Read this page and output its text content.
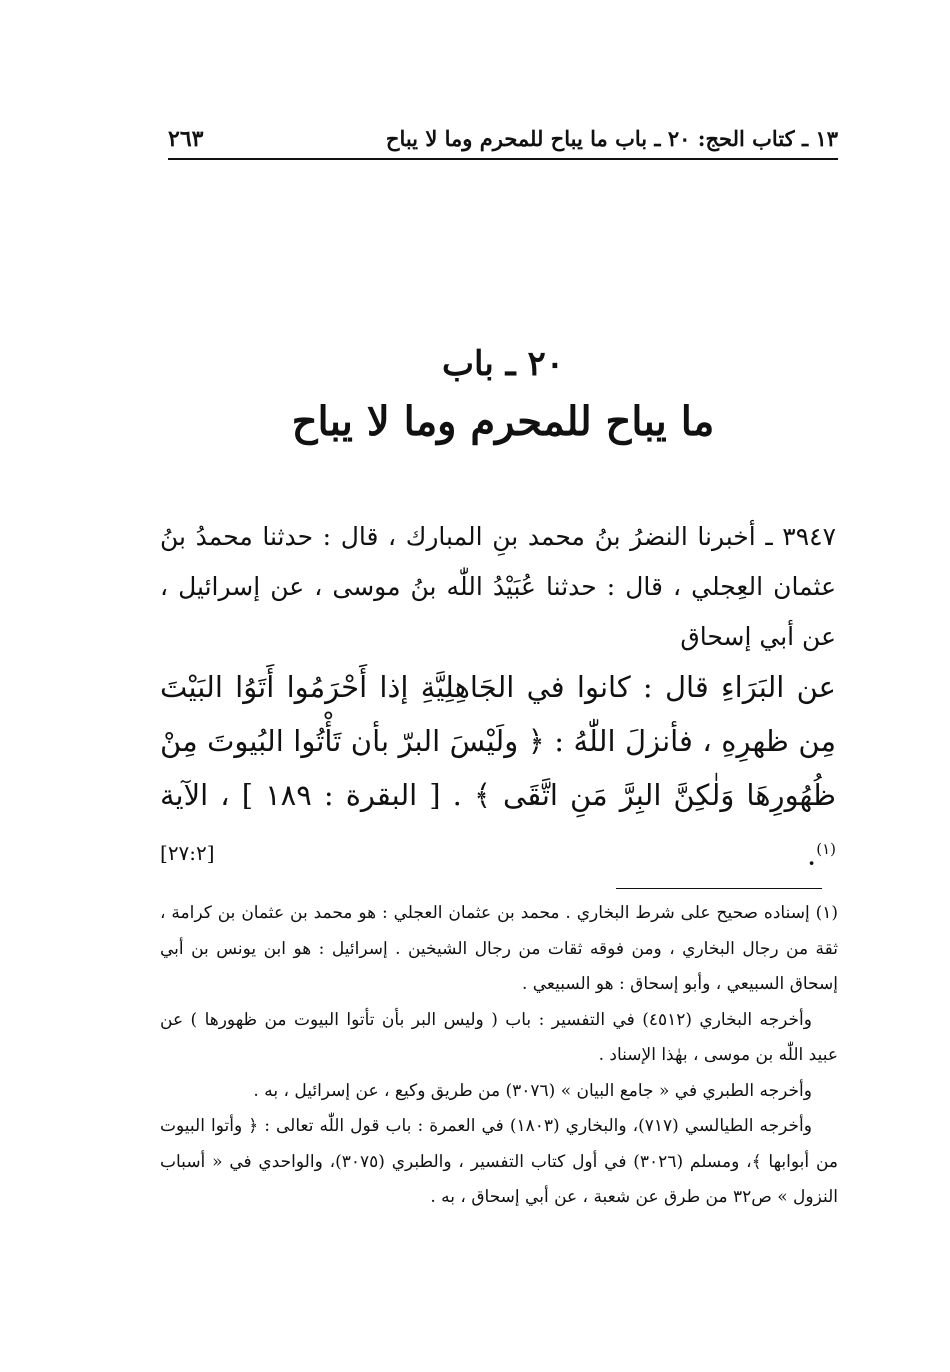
١٣ ـ كتاب الحج: ٢٠ ـ باب ما يباح للمحرم وما لا يباح
٢٦٣
٢٠ ـ باب
ما يباح للمحرم وما لا يباح
٣٩٤٧ ـ أخبرنا النضرُ بنُ محمد بنِ المبارك ، قال : حدثنا محمدُ بنُ عثمان العِجلي ، قال : حدثنا عُبَيْدُ اللّٰه بنُ موسى ، عن إسرائيل ، عن أبي إسحاق
عن البَرَاءِ قال : كانوا في الجَاهِلِيَّةِ إذا أَحْرَمُوا أَتَوُا البَيْتَ مِن ظهرِهِ ، فأنزلَ اللّٰهُ : ﴿ ولَيْسَ البرّ بأن تَأْتُوا البُيوتَ مِنْ ظُهُورِهَا وَلٰكِنَّ البِرَّ مَنِ اتَّقَى ﴾ . [ البقرة : ١٨٩ ] ، الآية $^{(١)}$.
[٢٧:٢]

(١) إسناده صحيح على شرط البخاري . محمد بن عثمان العجلي : هو محمد بن عثمان بن كرامة ، ثقة من رجال البخاري ، ومن فوقه ثقات من رجال الشيخين . إسرائيل : هو ابن يونس بن أبي إسحاق السبيعي ، وأبو إسحاق : هو السبيعي .

وأخرجه البخاري (٤٥١٢) في التفسير : باب ( وليس البر بأن تأتوا البيوت من ظهورها ) عن عبيد اللّٰه بن موسى ، بهٰذا الإسناد .

وأخرجه الطبري في « جامع البيان » (٣٠٧٦) من طريق وكيع ، عن إسرائيل ، به .

وأخرجه الطيالسي (٧١٧)، والبخاري (١٨٠٣) في العمرة : باب قول اللّٰه تعالى : ﴿ وأتوا البيوت من أبوابها ﴾، ومسلم (٣٠٢٦) في أول كتاب التفسير ، والطبري (٣٠٧٥)، والواحدي في « أسباب النزول » ص٣٢ من طرق عن شعبة ، عن أبي إسحاق ، به .
